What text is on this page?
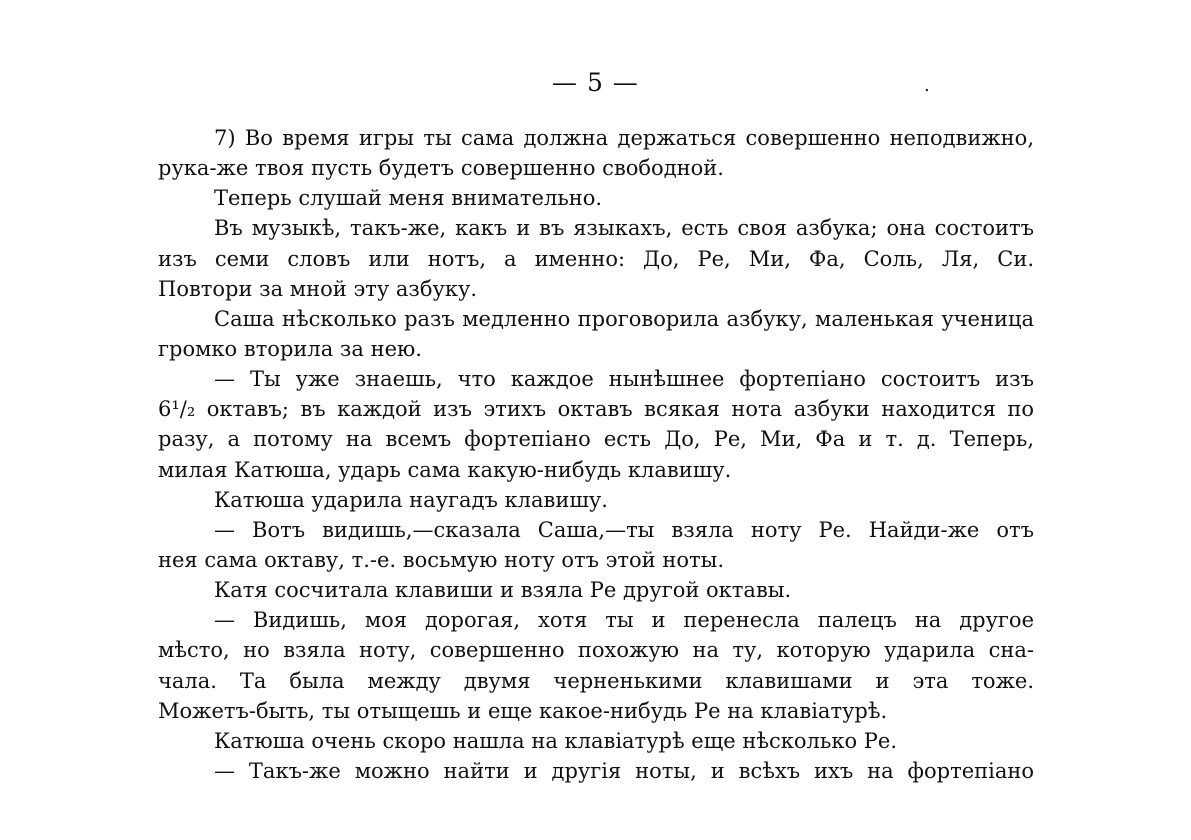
— 5 —	.
7) Во время игры ты сама должна держаться совершенно неподвижно,
рука-же твоя пусть будетъ совершенно свободной.
Теперь слушай меня внимательно.
Въ музыкѣ, такъ-же, какъ и въ языкахъ, есть своя азбука; она состоитъ
изъ семи словъ или нотъ, а именно: До, Ре, Ми, Фа, Соль, Ля, Си.
Повтори за мной эту азбуку.
Саша нѣсколько разъ медленно проговорила азбуку, маленькая ученица
громко вторила за нею.
— Ты уже знаешь, что каждое нынѣшнее фортепіано состоитъ изъ
6¹/₂ октавъ; въ каждой изъ этихъ октавъ всякая нота азбуки находится по
разу, а потому на всемъ фортепіано есть До, Ре, Ми, Фа и т. д. Теперь,
милая Катюша, ударь сама какую-нибудь клавишу.
Катюша ударила наугадъ клавишу.
— Вотъ видишь,—сказала Саша,—ты взяла ноту Ре. Найди-же отъ
нея сама октаву, т.-е. восьмую ноту отъ этой ноты.
Катя сосчитала клавиши и взяла Ре другой октавы.
— Видишь, моя дорогая, хотя ты и перенесла палецъ на другое
мѣсто, но взяла ноту, совершенно похожую на ту, которую ударила сна-
чала. Та была между двумя черненькими клавишами и эта тоже.
Можетъ-быть, ты отыщешь и еще какое-нибудь Ре на клавіатурѣ.
Катюша очень скоро нашла на клавіатурѣ еще нѣсколько Ре.
— Такъ-же можно найти и другія ноты, и всѣхъ ихъ на фортепіано
